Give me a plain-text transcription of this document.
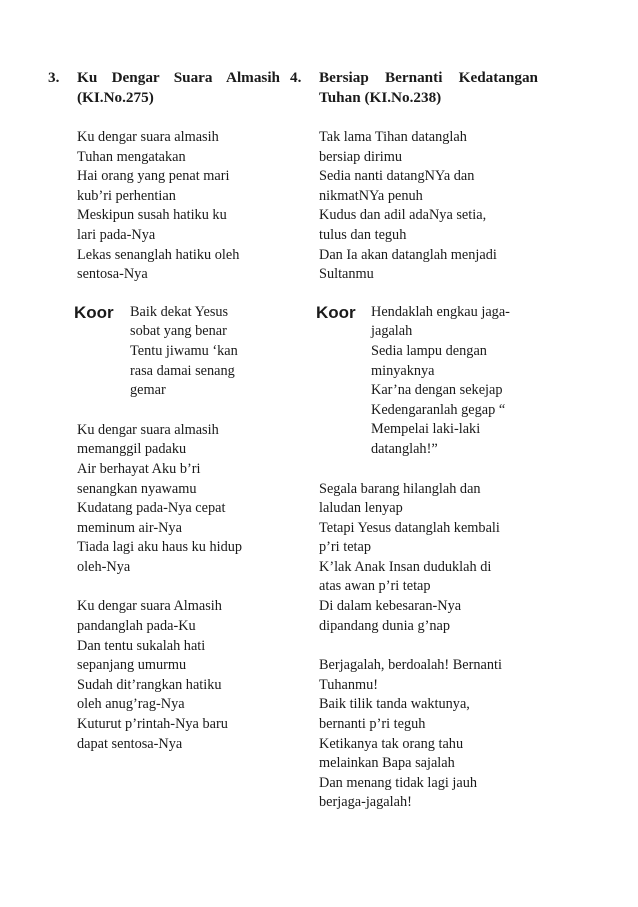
3.	Ku Dengar Suara Almasih
(KI.No.275)
Ku dengar suara almasih
Tuhan mengatakan
Hai orang yang penat mari
kub’ri perhentian
Meskipun susah hatiku ku
lari pada-Nya
Lekas senanglah hatiku oleh
sentosa-Nya
Koor	Baik dekat Yesus
sobat yang benar
Tentu jiwamu ‘kan
rasa damai senang
gemar
Ku dengar suara almasih
memanggil padaku
Air berhayat Aku b’ri
senangkan nyawamu
Kudatang pada-Nya cepat
meminum air-Nya
Tiada lagi aku haus ku hidup
oleh-Nya
Ku dengar suara Almasih
pandanglah pada-Ku
Dan tentu sukalah hati
sepanjang umurmu
Sudah dit’rangkan hatiku
oleh anug’rag-Nya
Kuturut p’rintah-Nya baru
dapat sentosa-Nya
4.	Bersiap Bernanti Kedatangan
Tuhan (KI.No.238)
Tak lama Tihan datanglah
bersiap dirimu
Sedia nanti datangNYa dan
nikmatNYa penuh
Kudus dan adil adaNya setia,
tulus dan teguh
Dan Ia akan datanglah menjadi
Sultanmu
Koor	Hendaklah engkau jaga-
jagalah
Sedia lampu dengan
minyaknya
Kar’na dengan sekejap
Kedengaranlah gegap “
Mempelai laki-laki
datanglah!”
Segala barang hilanglah dan
laludan lenyap
Tetapi Yesus datanglah kembali
p’ri tetap
K’lak Anak Insan duduklah di
atas awan p’ri tetap
Di dalam kebesaran-Nya
dipandang dunia g’nap
Berjagalah, berdoalah! Bernanti
Tuhanmu!
Baik tilik tanda waktunya,
bernanti p’ri teguh
Ketikanya tak orang tahu
melainkan Bapa sajalah
Dan menang tidak lagi jauh
berjaga-jagalah!
